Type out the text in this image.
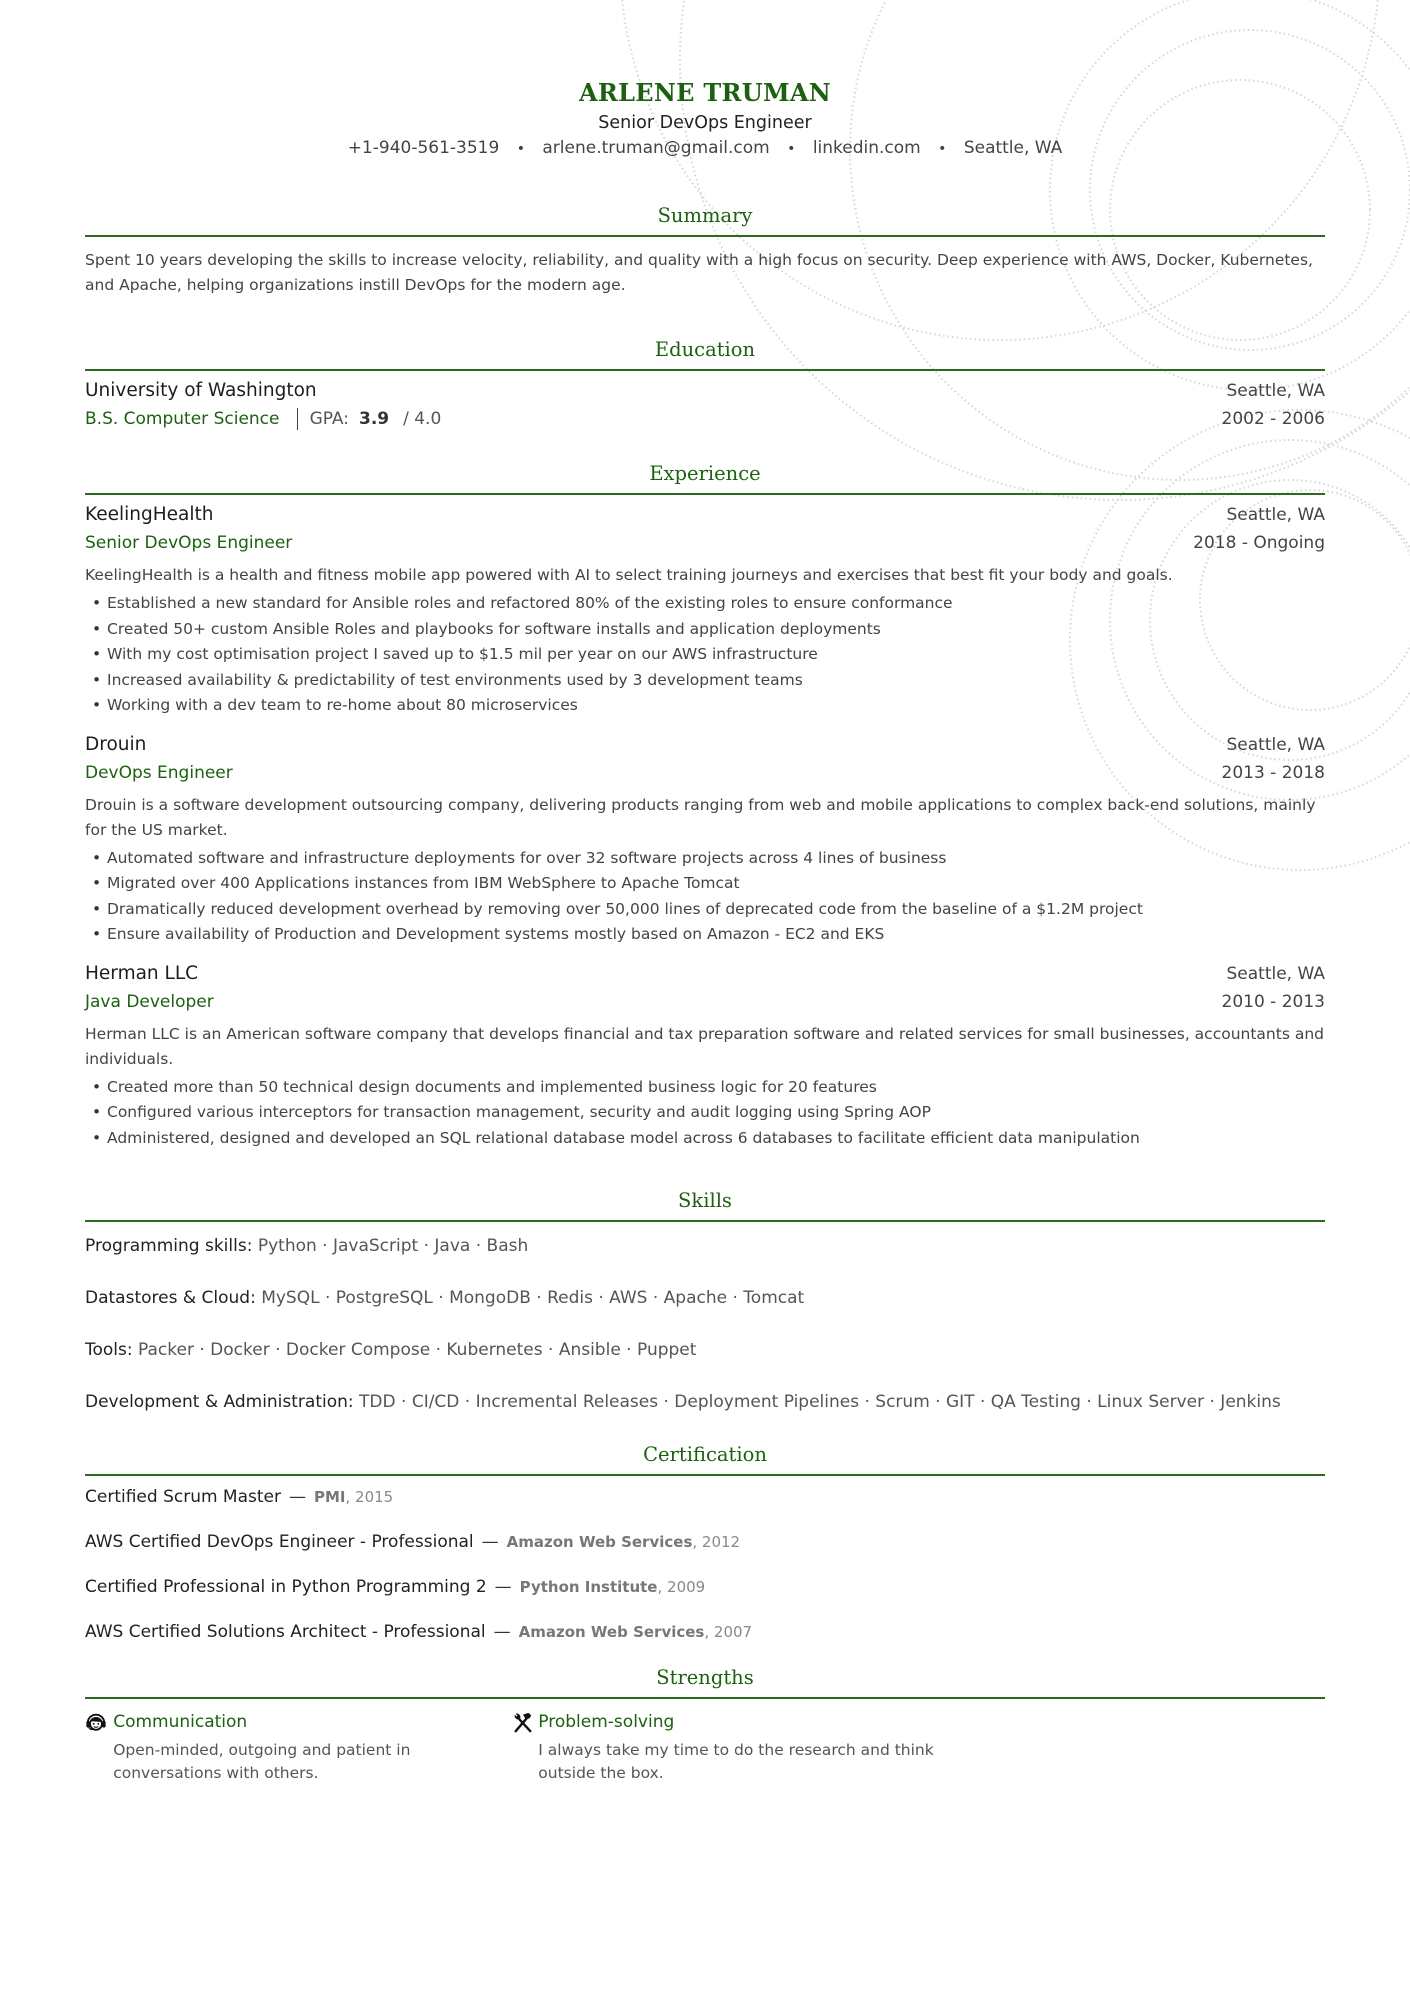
ARLENE TRUMAN
Senior DevOps Engineer
+1-940-561-3519 • arlene.truman@gmail.com • linkedin.com • Seattle, WA
Summary

Spent 10 years developing the skills to increase velocity, reliability, and quality with a high focus on security. Deep experience with AWS, Docker, Kubernetes, and Apache, helping organizations instill DevOps for the modern age.

Education
University of Washington	Seattle, WA
B.S. Computer Science GPA: 3.9 / 4.0	2002 - 2006
Experience
KeelingHealth	Seattle, WA
Senior DevOps Engineer	2018 - Ongoing

KeelingHealth is a health and fitness mobile app powered with AI to select training journeys and exercises that best fit your body and goals.

• Established a new standard for Ansible roles and refactored 80% of the existing roles to ensure conformance
• Created 50+ custom Ansible Roles and playbooks for software installs and application deployments
• With my cost optimisation project I saved up to $1.5 mil per year on our AWS infrastructure
• Increased availability & predictability of test environments used by 3 development teams
• Working with a dev team to re-home about 80 microservices
Drouin	Seattle, WA
DevOps Engineer	2013 - 2018

Drouin is a software development outsourcing company, delivering products ranging from web and mobile applications to complex back-end solutions, mainly for the US market.

• Automated software and infrastructure deployments for over 32 software projects across 4 lines of business
• Migrated over 400 Applications instances from IBM WebSphere to Apache Tomcat
• Dramatically reduced development overhead by removing over 50,000 lines of deprecated code from the baseline of a $1.2M project
• Ensure availability of Production and Development systems mostly based on Amazon - EC2 and EKS
Herman LLC	Seattle, WA
Java Developer	2010 - 2013

Herman LLC is an American software company that develops financial and tax preparation software and related services for small businesses, accountants and individuals.

• Created more than 50 technical design documents and implemented business logic for 20 features
• Configured various interceptors for transaction management, security and audit logging using Spring AOP
• Administered, designed and developed an SQL relational database model across 6 databases to facilitate efficient data manipulation
Skills
Programming skills: Python · JavaScript · Java · Bash
Datastores & Cloud: MySQL · PostgreSQL · MongoDB · Redis · AWS · Apache · Tomcat
Tools: Packer · Docker · Docker Compose · Kubernetes · Ansible · Puppet
Development & Administration: TDD · CI/CD · Incremental Releases · Deployment Pipelines · Scrum · GIT · QA Testing · Linux Server · Jenkins
Certification
Certified Scrum Master — PMI, 2015
AWS Certified DevOps Engineer - Professional — Amazon Web Services, 2012
Certified Professional in Python Programming 2 — Python Institute, 2009
AWS Certified Solutions Architect - Professional — Amazon Web Services, 2007
Strengths
Communication
Open-minded, outgoing and patient in conversations with others.
Problem-solving
I always take my time to do the research and think outside the box.
